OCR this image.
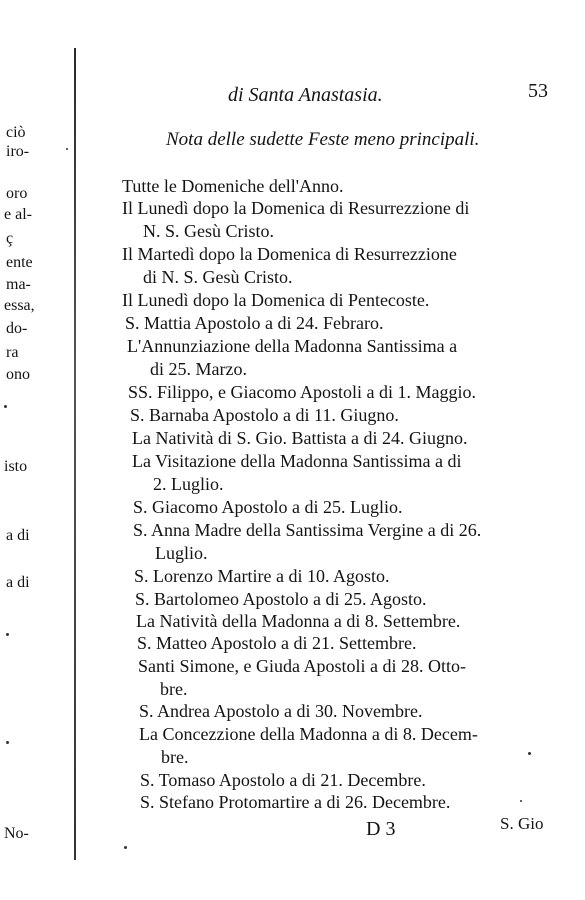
ciò
iro-
oro
e al-
ç
ente
ma-
essa,
do-
ra
ono
isto
a di
a di
No-
di Santa Anastasia.	53
Nota delle sudette Feste meno principali.
Tutte le Domeniche dell'Anno.
Il Lunedì dopo la Domenica di Resurrezzione di
N. S. Gesù Cristo.
Il Martedì dopo la Domenica di Resurrezzione
di N. S. Gesù Cristo.
Il Lunedì dopo la Domenica di Pentecoste.
S. Mattia Apostolo a di 24. Febraro.
L'Annunziazione della Madonna Santissima a
di 25. Marzo.
SS. Filippo, e Giacomo Apostoli a di 1. Maggio.
S. Barnaba Apostolo a di 11. Giugno.
La Natività di S. Gio. Battista a di 24. Giugno.
La Visitazione della Madonna Santissima a di
2. Luglio.
S. Giacomo Apostolo a di 25. Luglio.
S. Anna Madre della Santissima Vergine a di 26.
Luglio.
S. Lorenzo Martire a di 10. Agosto.
S. Bartolomeo Apostolo a di 25. Agosto.
La Natività della Madonna a di 8. Settembre.
S. Matteo Apostolo a di 21. Settembre.
Santi Simone, e Giuda Apostoli a di 28. Otto-
bre.
S. Andrea Apostolo a di 30. Novembre.
La Concezzione della Madonna a di 8. Decem-
bre.
S. Tomaso Apostolo a di 21. Decembre.
S. Stefano Protomartire a di 26. Decembre.
D 3	S. Gio
